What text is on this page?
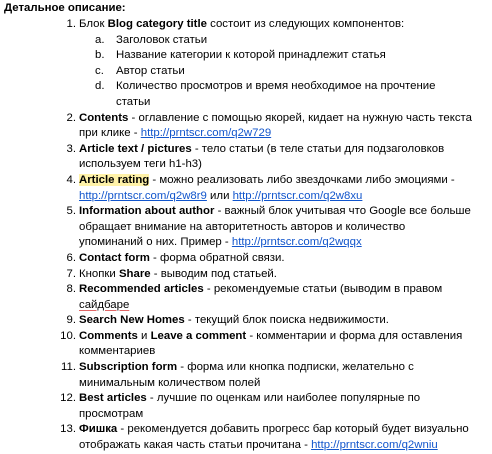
Детальное описание:
1. Блок Blog category title состоит из следующих компонентов:
a. Заголовок статьи
b. Название категории к которой принадлежит статья
c. Автор статьи
d. Количество просмотров и время необходимое на прочтение статьи
2. Contents - оглавление с помощью якорей, кидает на нужную часть текста при клике - http://prntscr.com/q2w729
3. Article text / pictures - тело статьи (в теле статьи для подзаголовков используем теги h1-h3)
4. Article rating - можно реализовать либо звездочками либо эмоциями - http://prntscr.com/q2w8r9 или http://prntscr.com/q2w8xu
5. Information about author - важный блок учитывая что Google все больше обращает внимание на авторитетность авторов и количество упоминаний о них. Пример - http://prntscr.com/q2wqqx
6. Contact form - форма обратной связи.
7. Кнопки Share - выводим под статьей.
8. Recommended articles - рекомендуемые статьи (выводим в правом сайдбаре
9. Search New Homes - текущий блок поиска недвижимости.
10. Comments и Leave a comment - комментарии и форма для оставления комментариев
11. Subscription form - форма или кнопка подписки, желательно с минимальным количеством полей
12. Best articles - лучшие по оценкам или наиболее популярные по просмотрам
13. Фишка - рекомендуется добавить прогресс бар который будет визуально отображать какая часть статьи прочитана - http://prntscr.com/q2wniu
